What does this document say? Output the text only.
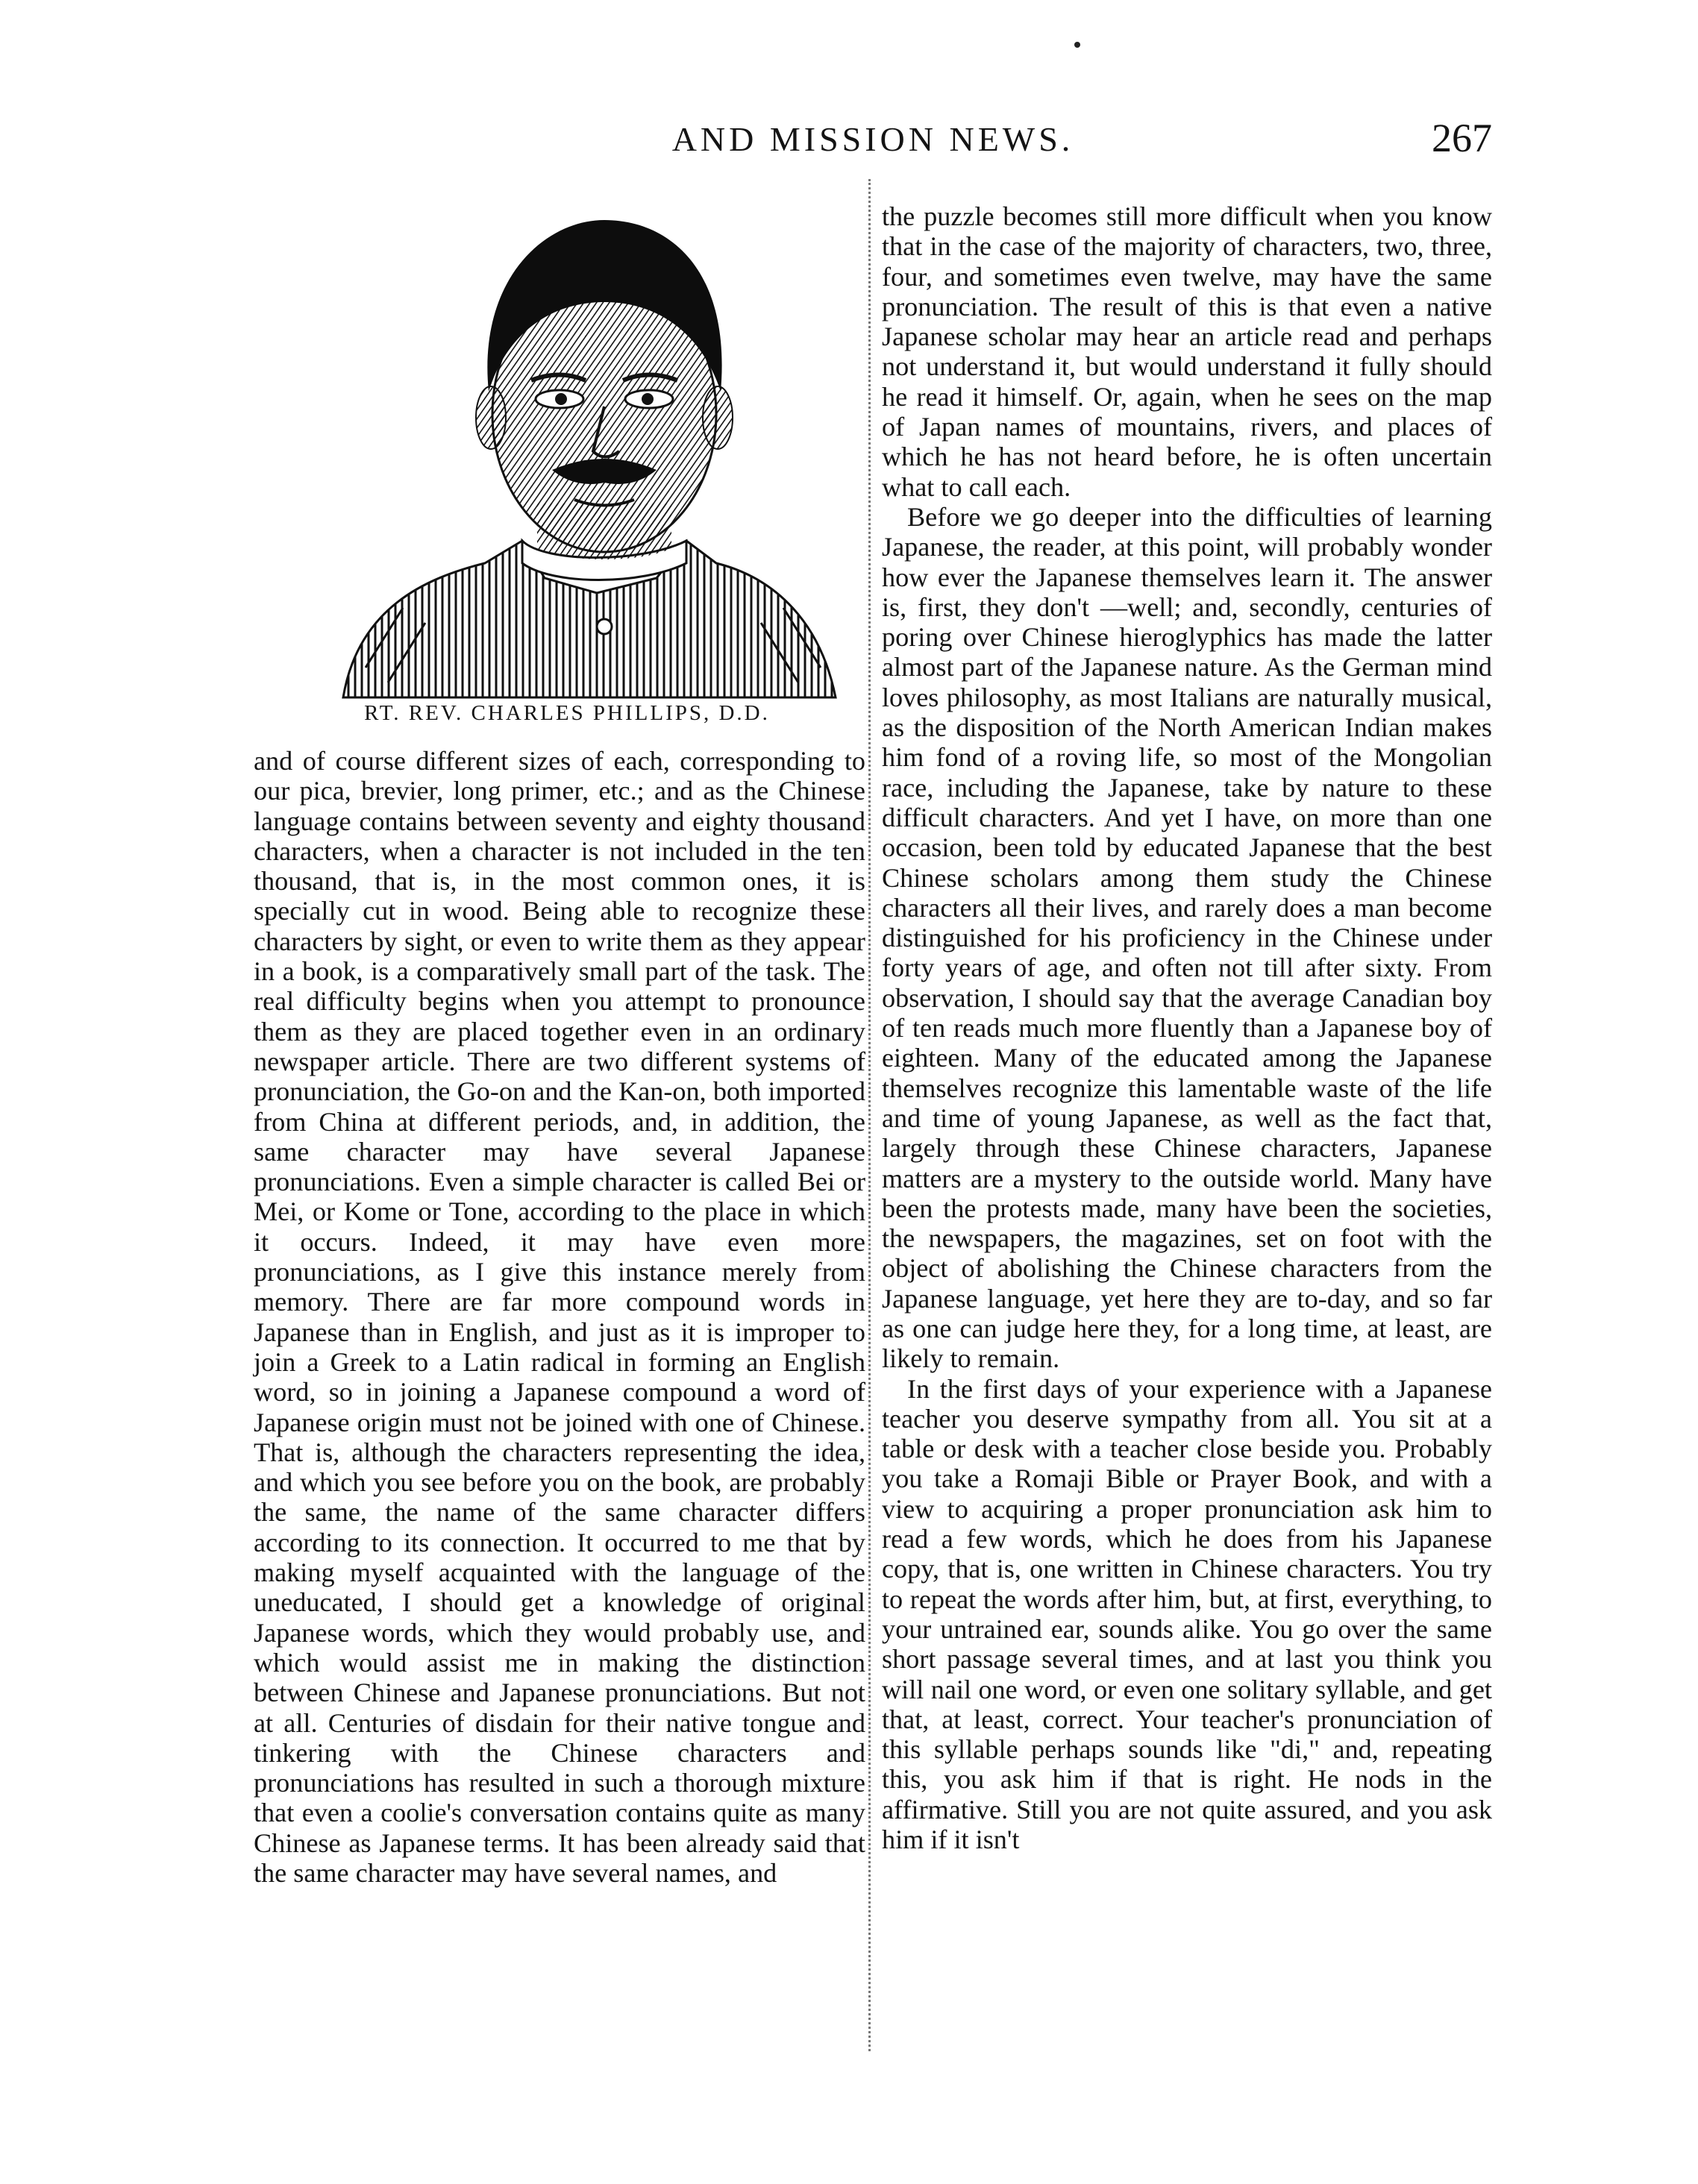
AND MISSION NEWS.	267
RT. REV. CHARLES PHILLIPS, D.D.

and of course different sizes of each, corresponding to our pica, brevier, long primer, etc.; and as the Chinese language contains between seventy and eighty thousand characters, when a character is not included in the ten thousand, that is, in the most common ones, it is specially cut in wood. Being able to recognize these characters by sight, or even to write them as they appear in a book, is a comparatively small part of the task. The real difficulty begins when you attempt to pronounce them as they are placed together even in an ordinary newspaper article. There are two different systems of pronunciation, the Go-on and the Kan-on, both imported from China at different periods, and, in addition, the same character may have several Japanese pronunciations. Even a simple character is called Bei or Mei, or Kome or Tone, according to the place in which it occurs. Indeed, it may have even more pronunciations, as I give this instance merely from memory. There are far more compound words in Japanese than in English, and just as it is improper to join a Greek to a Latin radical in forming an English word, so in joining a Japanese compound a word of Japanese origin must not be joined with one of Chinese. That is, although the characters representing the idea, and which you see before you on the book, are probably the same, the name of the same character differs according to its connection. It occurred to me that by making myself acquainted with the language of the uneducated, I should get a knowledge of original Japanese words, which they would probably use, and which would assist me in making the distinction between Chinese and Japanese pronunciations. But not at all. Centuries of disdain for their native tongue and tinkering with the Chinese characters and pronunciations has resulted in such a thorough mixture that even a coolie's conversation contains quite as many Chinese as Japanese terms. It has been already said that the same character may have several names, and

the puzzle becomes still more difficult when you know that in the case of the majority of characters, two, three, four, and sometimes even twelve, may have the same pronunciation. The result of this is that even a native Japanese scholar may hear an article read and perhaps not understand it, but would understand it fully should he read it himself. Or, again, when he sees on the map of Japan names of mountains, rivers, and places of which he has not heard before, he is often uncertain what to call each.

Before we go deeper into the difficulties of learning Japanese, the reader, at this point, will probably wonder how ever the Japanese themselves learn it. The answer is, first, they don't —well; and, secondly, centuries of poring over Chinese hieroglyphics has made the latter almost part of the Japanese nature. As the German mind loves philosophy, as most Italians are naturally musical, as the disposition of the North American Indian makes him fond of a roving life, so most of the Mongolian race, including the Japanese, take by nature to these difficult characters. And yet I have, on more than one occasion, been told by educated Japanese that the best Chinese scholars among them study the Chinese characters all their lives, and rarely does a man become distinguished for his proficiency in the Chinese under forty years of age, and often not till after sixty. From observation, I should say that the average Canadian boy of ten reads much more fluently than a Japanese boy of eighteen. Many of the educated among the Japanese themselves recognize this lamentable waste of the life and time of young Japanese, as well as the fact that, largely through these Chinese characters, Japanese matters are a mystery to the outside world. Many have been the protests made, many have been the societies, the newspapers, the magazines, set on foot with the object of abolishing the Chinese characters from the Japanese language, yet here they are to-day, and so far as one can judge here they, for a long time, at least, are likely to remain.

In the first days of your experience with a Japanese teacher you deserve sympathy from all. You sit at a table or desk with a teacher close beside you. Probably you take a Romaji Bible or Prayer Book, and with a view to acquiring a proper pronunciation ask him to read a few words, which he does from his Japanese copy, that is, one written in Chinese characters. You try to repeat the words after him, but, at first, everything, to your untrained ear, sounds alike. You go over the same short passage several times, and at last you think you will nail one word, or even one solitary syllable, and get that, at least, correct. Your teacher's pronunciation of this syllable perhaps sounds like "di," and, repeating this, you ask him if that is right. He nods in the affirmative. Still you are not quite assured, and you ask him if it isn't
